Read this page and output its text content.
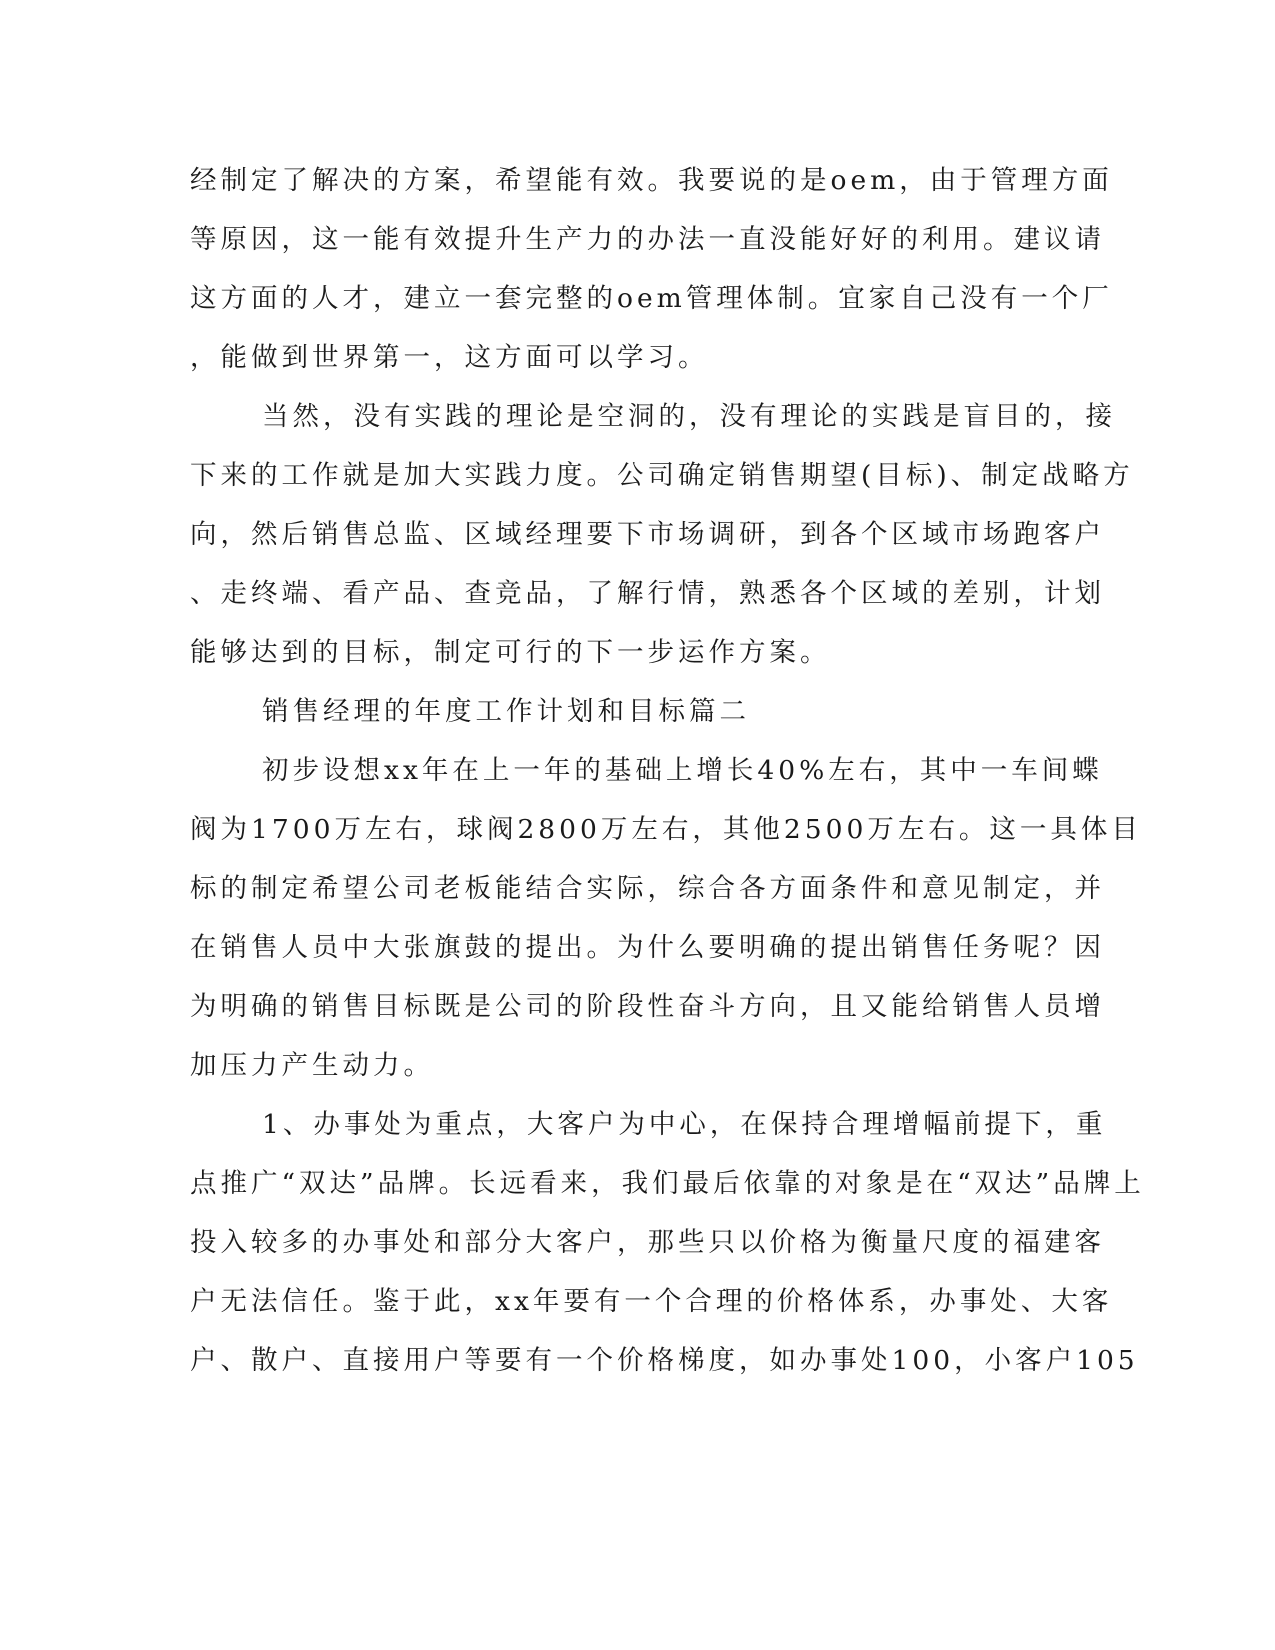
经制定了解决的方案，希望能有效。我要说的是oem，由于管理方面
等原因，这一能有效提升生产力的办法一直没能好好的利用。建议请
这方面的人才，建立一套完整的oem管理体制。宜家自己没有一个厂
，能做到世界第一，这方面可以学习。
当然，没有实践的理论是空洞的，没有理论的实践是盲目的，接
下来的工作就是加大实践力度。公司确定销售期望(目标)、制定战略方
向，然后销售总监、区域经理要下市场调研，到各个区域市场跑客户
、走终端、看产品、查竞品，了解行情，熟悉各个区域的差别，计划
能够达到的目标，制定可行的下一步运作方案。
销售经理的年度工作计划和目标篇二
初步设想xx年在上一年的基础上增长40%左右，其中一车间蝶
阀为1700万左右，球阀2800万左右，其他2500万左右。这一具体目
标的制定希望公司老板能结合实际，综合各方面条件和意见制定，并
在销售人员中大张旗鼓的提出。为什么要明确的提出销售任务呢？因
为明确的销售目标既是公司的阶段性奋斗方向，且又能给销售人员增
加压力产生动力。
1、办事处为重点，大客户为中心，在保持合理增幅前提下，重
点推广“双达”品牌。长远看来，我们最后依靠的对象是在“双达”品牌上
投入较多的办事处和部分大客户，那些只以价格为衡量尺度的福建客
户无法信任。鉴于此，xx年要有一个合理的价格体系，办事处、大客
户、散户、直接用户等要有一个价格梯度，如办事处100，小客户105
